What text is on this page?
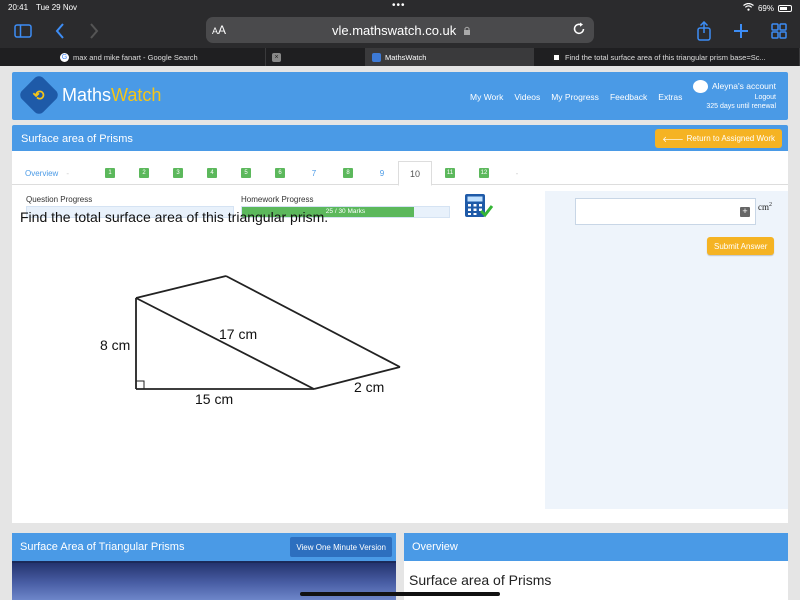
20:41 Tue 29 Nov	•••	69%
AA	vle.mathswatch.co.uk
G max and mike fanart - Google Search	×	MathsWatch	Find the total surface area of this triangular prism base=Sc...
⟲ MathsWatch	My Work Videos My Progress Feedback Extras
Aleyna's account
Logout
325 days until renewal
Surface area of Prisms	🡐 Return to Assigned Work
Overview -	1	2	3	4	5	6	7	8	9	10	11	12	-
Question Progress	Homework Progress
25 / 30 Marks
Find the total surface area of this triangular prism.
8 cm
17 cm
15 cm
2 cm
+ $cm^2$
Submit Answer
Surface Area of Triangular Prisms	View One Minute Version	Overview
Surface area of Prisms
